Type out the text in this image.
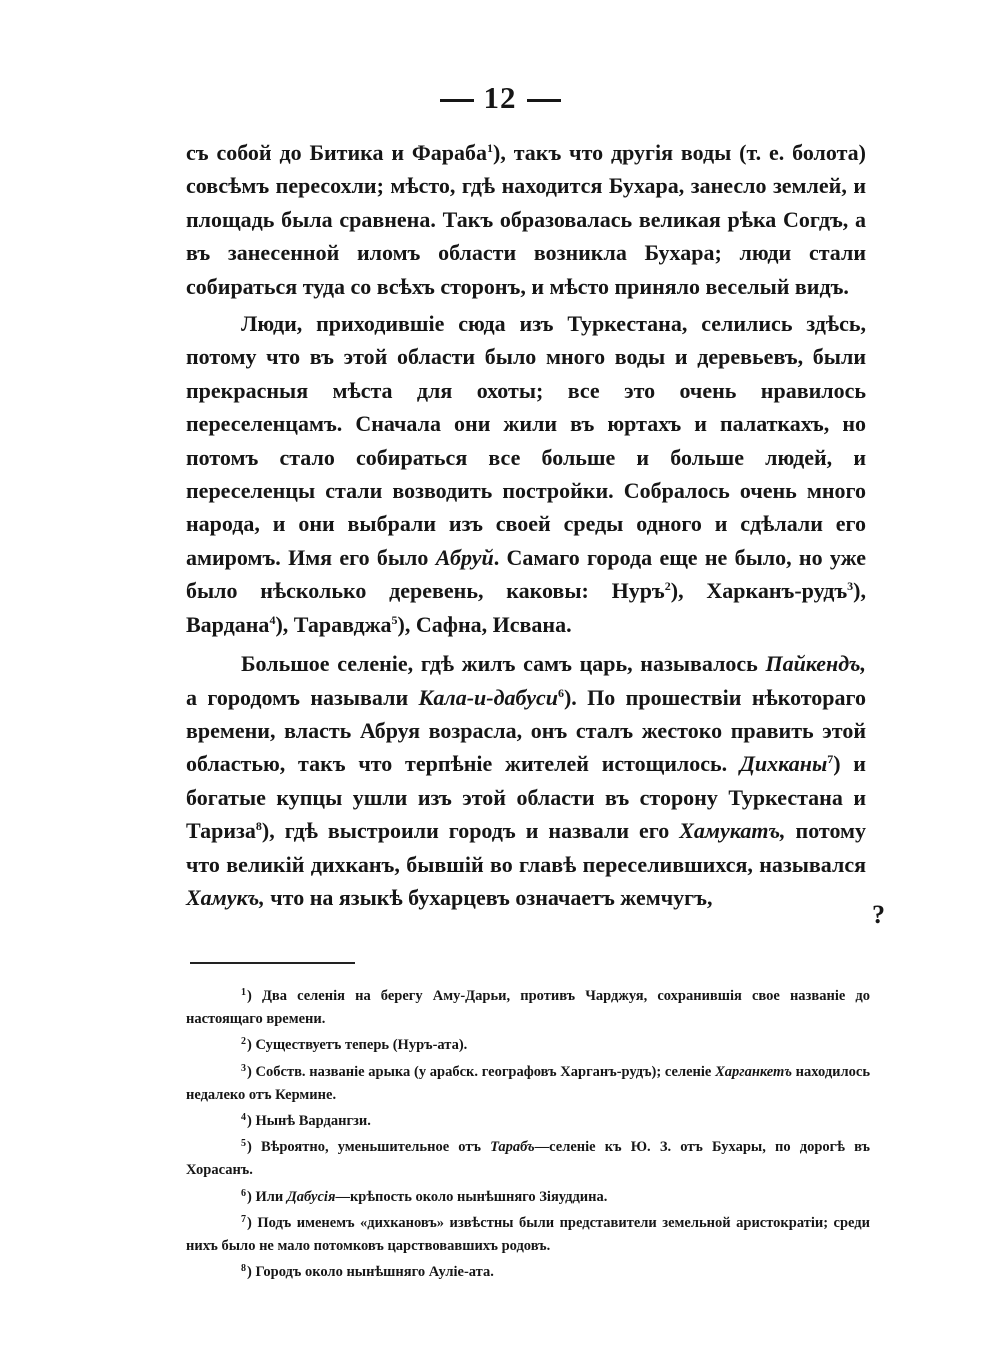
12

съ собой до Битика и Фараба$^1$), такъ что другія воды (т. е. болота) совсѣмъ пересохли; мѣсто, гдѣ находится Бухара, занесло землей, и площадь была сравнена. Такъ образовалась великая рѣка Согдъ, а въ занесенной иломъ области возникла Бухара; люди стали собираться туда со всѣхъ сторонъ, и мѣсто приняло веселый видъ.

Люди, приходившіе сюда изъ Туркестана, селились здѣсь, потому что въ этой области было много воды и деревьевъ, были прекрасныя мѣста для охоты; все это очень нравилось переселенцамъ. Сначала они жили въ юртахъ и палаткахъ, но потомъ стало собираться все больше и больше людей, и переселенцы стали возводить постройки. Собралось очень много народа, и они выбрали изъ своей среды одного и сдѣлали его амиромъ. Имя его было Абруй. Самаго города еще не было, но уже было нѣсколько деревень, каковы: Нуръ$^2$), Харканъ-рудъ$^3$), Вардана$^4$), Таравджа$^5$), Сафна, Исвана.

Большое селеніе, гдѣ жилъ самъ царь, называлось Пайкендъ, а городомъ называли Кала-и-дабуси$^6$). По прошествіи нѣкотораго времени, власть Абруя возрасла, онъ сталъ жестоко править этой областью, такъ что терпѣніе жителей истощилось. Дихканы$^7$) и богатые купцы ушли изъ этой области въ сторону Туркестана и Тариза$^8$), гдѣ выстроили городъ и назвали его Хамукатъ, потому что великій дихканъ, бывшій во главѣ переселившихся, назывался Хамукъ, что на языкѣ бухарцевъ означаетъ жемчугъ,

?

$^1$) Два селенія на берегу Аму-Дарьи, противъ Чарджуя, сохранившія свое названіе до настоящаго времени.

$^2$) Существуетъ теперь (Нуръ-ата).

$^3$) Собств. названіе арыка (у арабск. географовъ Харганъ-рудъ); селеніе Харганкетъ находилось недалеко отъ Кермине.

$^4$) Нынѣ Вардангзи.

$^5$) Вѣроятно, уменьшительное отъ Тарабъ—селеніе къ Ю. З. отъ Бухары, по дорогѣ въ Хорасанъ.

$^6$) Или Дабусія—крѣпость около нынѣшняго Зіяуддина.

$^7$) Подъ именемъ «дихкановъ» извѣстны были представители земельной аристократіи; среди нихъ было не мало потомковъ царствовавшихъ родовъ.

$^8$) Городъ около нынѣшняго Ауліе-ата.
